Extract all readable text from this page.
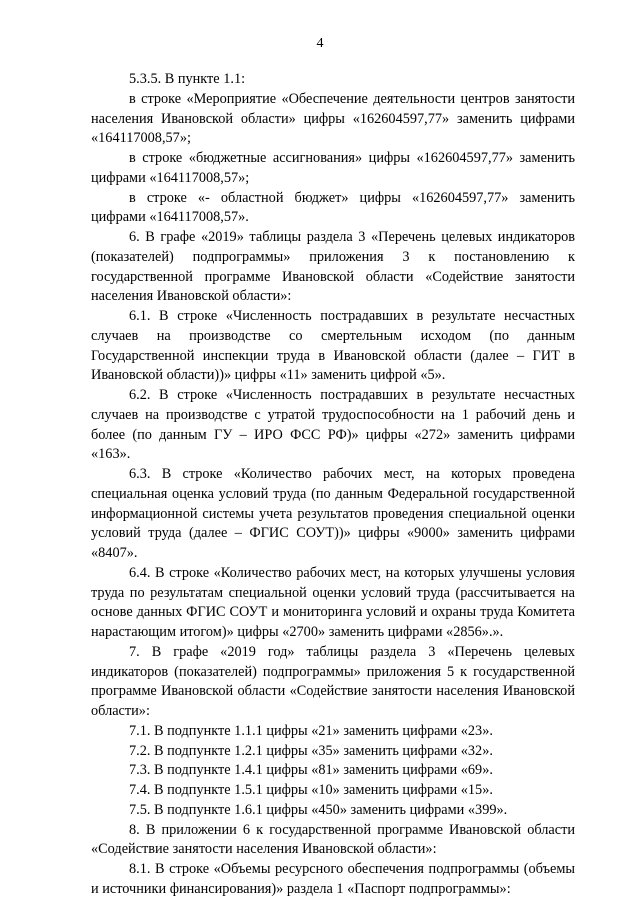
4

5.3.5. В пункте 1.1:

в строке «Мероприятие «Обеспечение деятельности центров занятости населения Ивановской области» цифры «162604597,77» заменить цифрами «164117008,57»;

в строке «бюджетные ассигнования» цифры «162604597,77» заменить цифрами «164117008,57»;

в строке «- областной бюджет» цифры «162604597,77» заменить цифрами «164117008,57».

6. В графе «2019» таблицы раздела 3 «Перечень целевых индикаторов (показателей) подпрограммы» приложения 3 к постановлению к государственной программе Ивановской области «Содействие занятости населения Ивановской области»:

6.1. В строке «Численность пострадавших в результате несчастных случаев на производстве со смертельным исходом (по данным Государственной инспекции труда в Ивановской области (далее – ГИТ в Ивановской области))» цифры «11» заменить цифрой «5».

6.2. В строке «Численность пострадавших в результате несчастных случаев на производстве с утратой трудоспособности на 1 рабочий день и более (по данным ГУ – ИРО ФСС РФ)» цифры «272» заменить цифрами «163».

6.3. В строке «Количество рабочих мест, на которых проведена специальная оценка условий труда (по данным Федеральной государственной информационной системы учета результатов проведения специальной оценки условий труда (далее – ФГИС СОУТ))» цифры «9000» заменить цифрами «8407».

6.4. В строке «Количество рабочих мест, на которых улучшены условия труда по результатам специальной оценки условий труда (рассчитывается на основе данных ФГИС СОУТ и мониторинга условий и охраны труда Комитета нарастающим итогом)» цифры «2700» заменить цифрами «2856».».

7. В графе «2019 год» таблицы раздела 3 «Перечень целевых индикаторов (показателей) подпрограммы» приложения 5 к государственной программе Ивановской области «Содействие занятости населения Ивановской области»:

7.1. В подпункте 1.1.1 цифры «21» заменить цифрами «23».

7.2. В подпункте 1.2.1 цифры «35» заменить цифрами «32».

7.3. В подпункте 1.4.1 цифры «81» заменить цифрами «69».

7.4. В подпункте 1.5.1 цифры «10» заменить цифрами «15».

7.5. В подпункте 1.6.1 цифры «450» заменить цифрами «399».

8. В приложении 6 к государственной программе Ивановской области «Содействие занятости населения Ивановской области»:

8.1. В строке «Объемы ресурсного обеспечения подпрограммы (объемы и источники финансирования)» раздела 1 «Паспорт подпрограммы»:
